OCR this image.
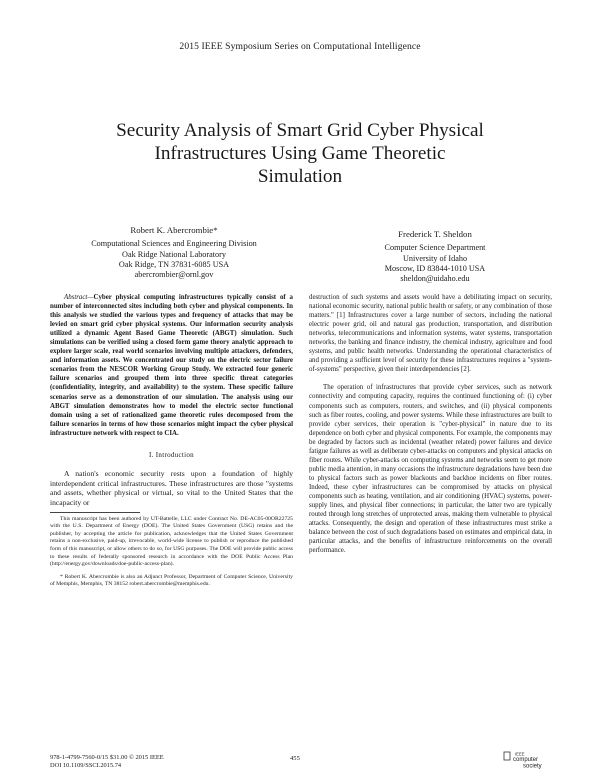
2015 IEEE Symposium Series on Computational Intelligence
Security Analysis of Smart Grid Cyber Physical
Infrastructures Using Game Theoretic
Simulation
Robert K. Abercrombie*
Computational Sciences and Engineering Division
Oak Ridge National Laboratory
Oak Ridge, TN 37831-6085 USA
abercrombier@ornl.gov
Frederick T. Sheldon
Computer Science Department
University of Idaho
Moscow, ID 83844-1010 USA
sheldon@uidaho.edu

Abstract—Cyber physical computing infrastructures typically consist of a number of interconnected sites including both cyber and physical components. In this analysis we studied the various types and frequency of attacks that may be levied on smart grid cyber physical systems. Our information security analysis utilized a dynamic Agent Based Game Theoretic (ABGT) simulation. Such simulations can be verified using a closed form game theory analytic approach to explore larger scale, real world scenarios involving multiple attackers, defenders, and information assets. We concentrated our study on the electric sector failure scenarios from the NESCOR Working Group Study. We extracted four generic failure scenarios and grouped them into three specific threat categories (confidentiality, integrity, and availability) to the system. These specific failure scenarios serve as a demonstration of our simulation. The analysis using our ABGT simulation demonstrates how to model the electric sector functional domain using a set of rationalized game theoretic rules decomposed from the failure scenarios in terms of how those scenarios might impact the cyber physical infrastructure network with respect to CIA.

I. Introduction

A nation's economic security rests upon a foundation of highly interdependent critical infrastructures. These infrastructures are those "systems and assets, whether physical or virtual, so vital to the United States that the incapacity or

This manuscript has been authored by UT-Battelle, LLC under Contract No. DE-AC05-00OR22725 with the U.S. Department of Energy (DOE). The United States Government (USG) retains and the publisher, by accepting the article for publication, acknowledges that the United States Government retains a non-exclusive, paid-up, irrevocable, world-wide license to publish or reproduce the published form of this manuscript, or allow others to do so, for USG purposes. The DOE will provide public access to these results of federally sponsored research in accordance with the DOE Public Access Plan (http://energy.gov/downloads/doe-public-access-plan).

* Robert K. Abercrombie is also an Adjunct Professor, Department of Computer Science, University of Memphis, Memphis, TN 38152 robert.abercrombie@memphis.edu.

destruction of such systems and assets would have a debilitating impact on security, national economic security, national public health or safety, or any combination of those matters." [1] Infrastructures cover a large number of sectors, including the national electric power grid, oil and natural gas production, transportation, and distribution networks, telecommunications and information systems, water systems, transportation networks, the banking and finance industry, the chemical industry, agriculture and food systems, and public health networks. Understanding the operational characteristics of and providing a sufficient level of security for these infrastructures requires a "system-of-systems" perspective, given their interdependencies [2].

The operation of infrastructures that provide cyber services, such as network connectivity and computing capacity, requires the continued functioning of: (i) cyber components such as computers, routers, and switches, and (ii) physical components such as fiber routes, cooling, and power systems. While these infrastructures are built to provide cyber services, their operation is "cyber-physical" in nature due to its dependence on both cyber and physical components. For example, the components may be degraded by factors such as incidental (weather related) power failures and device fatigue failures as well as deliberate cyber-attacks on computers and physical attacks on fiber routes. While cyber-attacks on computing systems and networks seem to get more public media attention, in many occasions the infrastructure degradations have been due to physical factors such as power blackouts and backhoe incidents on fiber routes. Indeed, these cyber infrastructures can be compromised by attacks on physical components such as heating, ventilation, and air conditioning (HVAC) systems, power-supply lines, and physical fiber connections; in particular, the latter two are typically routed through long stretches of unprotected areas, making them vulnerable to physical attacks. Consequently, the design and operation of these infrastructures must strike a balance between the cost of such degradations based on estimates and empirical data, in particular attacks, and the benefits of infrastructure reinforcements on the overall performance.

978-1-4799-7560-0/15 $31.00 © 2015 IEEE
DOI 10.1109/SSCI.2015.74
455
IEEE
computer
society
